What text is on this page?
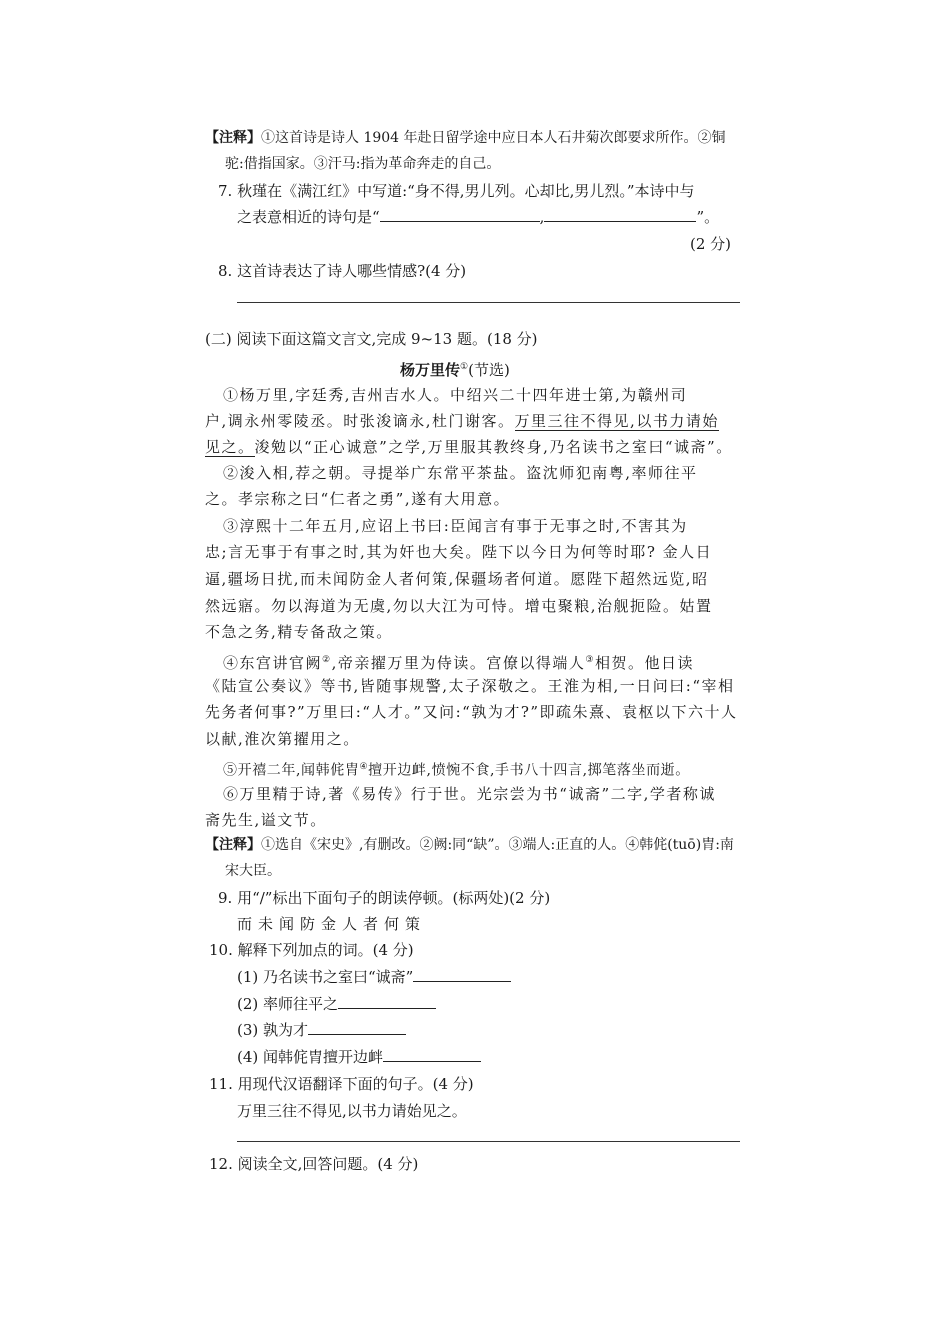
【注释】①这首诗是诗人 1904 年赴日留学途中应日本人石井菊次郎要求所作。②铜
驼:借指国家。③汗马:指为革命奔走的自己。
7. 秋瑾在《满江红》中写道:“身不得,男儿列。心却比,男儿烈。”本诗中与
之表意相近的诗句是“	,	”。
(2 分)
8. 这首诗表达了诗人哪些情感?(4 分)
(二) 阅读下面这篇文言文,完成 9~13 题。(18 分)
杨万里传①(节选)
①杨万里,字廷秀,吉州吉水人。中绍兴二十四年进士第,为赣州司
户,调永州零陵丞。时张浚谪永,杜门谢客。万里三往不得见,以书力请始
见之。浚勉以“正心诚意”之学,万里服其教终身,乃名读书之室曰“诚斋”。
②浚入相,荐之朝。寻提举广东常平茶盐。盗沈师犯南粤,率师往平
之。孝宗称之曰“仁者之勇”,遂有大用意。
③淳熙十二年五月,应诏上书曰:臣闻言有事于无事之时,不害其为
忠;言无事于有事之时,其为奸也大矣。陛下以今日为何等时耶? 金人日
逼,疆场日扰,而未闻防金人者何策,保疆场者何道。愿陛下超然远览,昭
然远寤。勿以海道为无虞,勿以大江为可恃。增屯聚粮,治舰扼险。姑置
不急之务,精专备敌之策。
④东宫讲官阙②,帝亲擢万里为侍读。宫僚以得端人③相贺。他日读
《陆宣公奏议》等书,皆随事规警,太子深敬之。王淮为相,一日问曰:“宰相
先务者何事?”万里曰:“人才。”又问:“孰为才?”即疏朱熹、袁枢以下六十人
以献,淮次第擢用之。
⑤开禧二年,闻韩侂胄④擅开边衅,愤惋不食,手书八十四言,掷笔落坐而逝。
⑥万里精于诗,著《易传》行于世。光宗尝为书“诚斋”二字,学者称诚
斋先生,谥文节。
【注释】①选自《宋史》,有删改。②阙:同“缺”。③端人:正直的人。④韩侂(tuō)胄:南
宋大臣。
9. 用“/”标出下面句子的朗读停顿。(标两处)(2 分)
而未闻防金人者何策
10. 解释下列加点的词。(4 分)
(1) 乃名读书之室曰“诚斋”
(2) 率师往平之
(3) 孰为才
(4) 闻韩侂胄擅开边衅
11. 用现代汉语翻译下面的句子。(4 分)
万里三往不得见,以书力请始见之。
12. 阅读全文,回答问题。(4 分)
